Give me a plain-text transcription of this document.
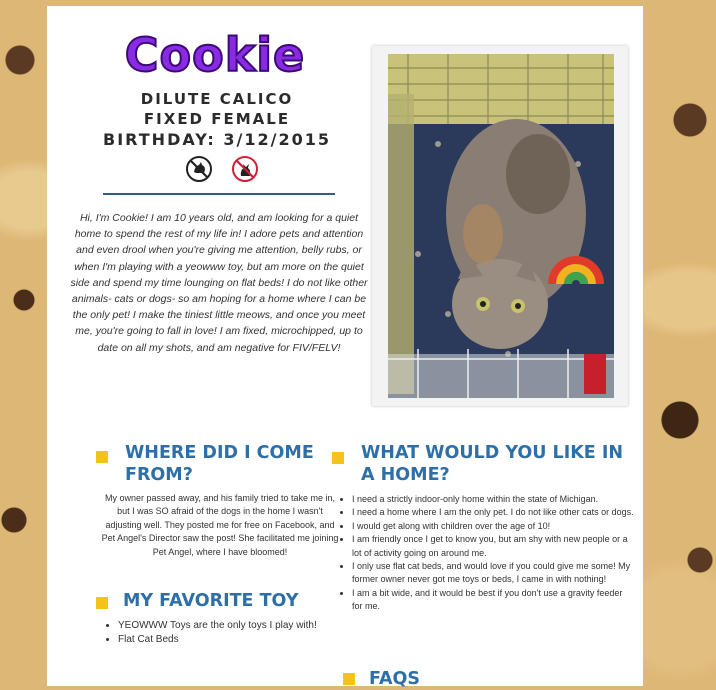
Cookie
DILUTE CALICO
FIXED FEMALE
BIRTHDAY: 3/12/2015
Hi, I'm Cookie! I am 10 years old, and am looking for a quiet home to spend the rest of my life in! I adore pets and attention and even drool when you're giving me attention, belly rubs, or when I'm playing with a yeowww toy, but am more on the quiet side and spend my time lounging on flat beds! I do not like other animals- cats or dogs- so am hoping for a home where I can be the only pet! I make the tiniest little meows, and once you meet me, you're going to fall in love! I am fixed, microchipped, up to date on all my shots, and am negative for FIV/FELV!
WHERE DID I COME FROM?
My owner passed away, and his family tried to take me in, but I was SO afraid of the dogs in the home I wasn't adjusting well. They posted me for free on Facebook, and Pet Angel's Director saw the post! She facilitated me joining Pet Angel, where I have bloomed!
MY FAVORITE TOY
• YEOWWW Toys are the only toys I play with!
• Flat Cat Beds
WHAT WOULD YOU LIKE IN A HOME?
• I need a strictly indoor-only home within the state of Michigan.
• I need a home where I am the only pet. I do not like other cats or dogs.
• I would get along with children over the age of 10!
• I am friendly once I get to know you, but am shy with new people or a lot of activity going on around me.
• I only use flat cat beds, and would love if you could give me some! My former owner never got me toys or beds, I came in with nothing!
• I am a bit wide, and it would be best if you don't use a gravity feeder for me.
FAQS
